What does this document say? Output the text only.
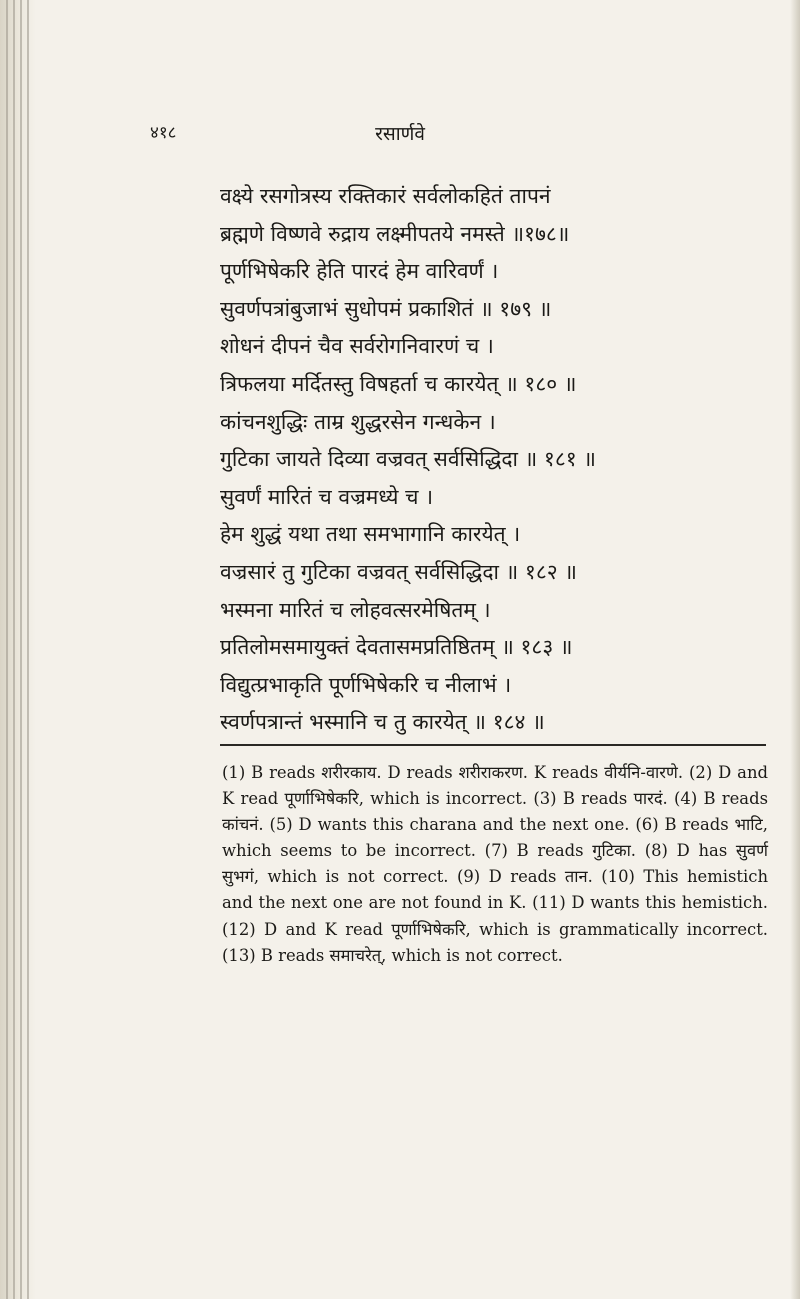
४१८	रसार्णवे
वक्ष्ये रसगोत्रस्य रक्तिकारं सर्वलोकहितं तापनं
ब्रह्मणे विष्णवे रुद्राय लक्ष्मीपतये नमस्ते ॥१७८॥
पूर्णभिषेकरि हेति पारदं हेम वारिवर्णं ।
सुवर्णपत्रांबुजाभं सुधोपमं प्रकाशितं ॥ १७९ ॥
शोधनं दीपनं चैव सर्वरोगनिवारणं च ।
त्रिफलया मर्दितस्तु विषहर्ता च कारयेत् ॥ १८० ॥
कांचनशुद्धिः ताम्र शुद्धरसेन गन्धकेन ।
गुटिका जायते दिव्या वज्रवत् सर्वसिद्धिदा ॥ १८१ ॥
सुवर्णं मारितं च वज्रमध्ये च ।
हेम शुद्धं यथा तथा समभागानि कारयेत् ।
वज्रसारं तु गुटिका वज्रवत् सर्वसिद्धिदा ॥ १८२ ॥
भस्मना मारितं च लोहवत्सरमेषितम् ।
प्रतिलोमसमायुक्तं देवतासमप्रतिष्ठितम् ॥ १८३ ॥
विद्युत्प्रभाकृति पूर्णभिषेकरि च नीलाभं ।
स्वर्णपत्रान्तं भस्मानि च तु कारयेत् ॥ १८४ ॥

(1) B reads शरीरकाय. D reads शरीराकरण. K reads वीर्यनि-वारणे. (2) D and K read पूर्णाभिषेकरि, which is incorrect. (3) B reads पारदं. (4) B reads कांचनं. (5) D wants this charana and the next one. (6) B reads भाटि, which seems to be incorrect. (7) B reads गुटिका. (8) D has सुवर्ण सुभगं, which is not correct. (9) D reads तान. (10) This hemistich and the next one are not found in K. (11) D wants this hemistich. (12) D and K read पूर्णाभिषेकरि, which is grammatically incorrect. (13) B reads समाचरेत्, which is not correct.
